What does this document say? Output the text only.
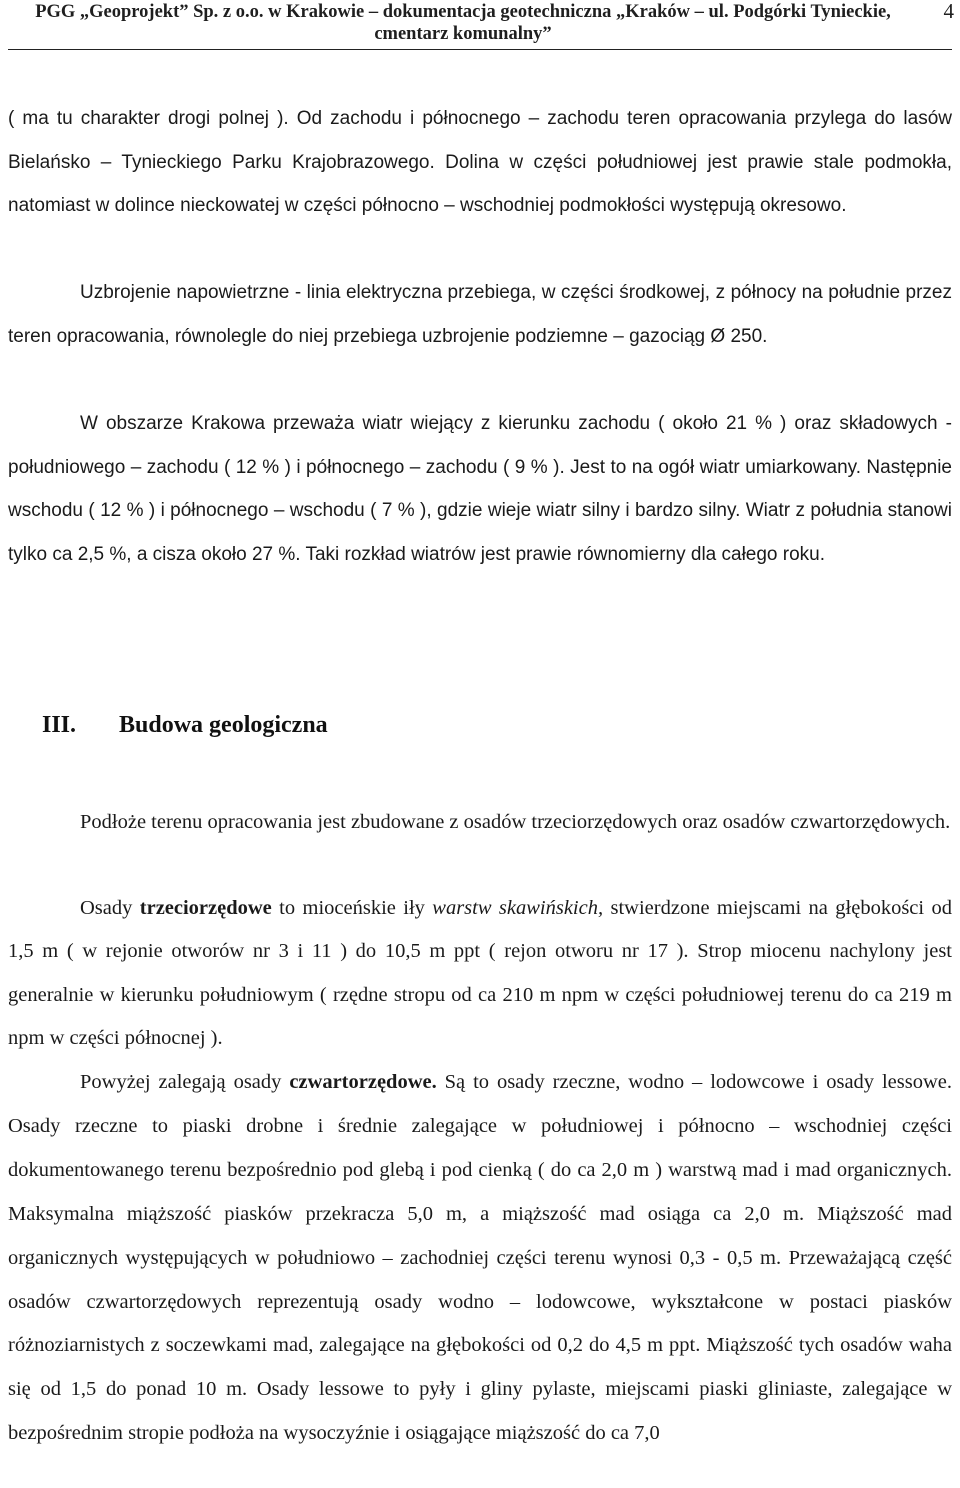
PGG „Geoprojekt” Sp. z o.o. w Krakowie – dokumentacja geotechniczna „Kraków – ul. Podgórki Tynieckie,
cmentarz komunalny”
4
( ma tu charakter drogi polnej ). Od zachodu i północnego – zachodu teren opracowania przylega do lasów Bielańsko – Tynieckiego Parku Krajobrazowego. Dolina w części południowej jest prawie stale podmokła, natomiast w dolince nieckowatej w części północno – wschodniej podmokłości występują okresowo.
Uzbrojenie napowietrzne - linia elektryczna przebiega, w części środkowej, z północy na południe przez teren opracowania, równolegle do niej przebiega uzbrojenie podziemne – gazociąg Ø 250.
W obszarze Krakowa przeważa wiatr wiejący z kierunku zachodu ( około 21 % ) oraz składowych - południowego – zachodu ( 12 % ) i północnego – zachodu ( 9 % ). Jest to na ogół wiatr umiarkowany. Następnie wschodu ( 12 % ) i północnego – wschodu ( 7 % ), gdzie wieje wiatr silny i bardzo silny. Wiatr z południa stanowi tylko ca 2,5 %, a cisza około 27 %. Taki rozkład wiatrów jest prawie równomierny dla całego roku.
III. Budowa geologiczna
Podłoże terenu opracowania jest zbudowane z osadów trzeciorzędowych oraz osadów czwartorzędowych.
Osady trzeciorzędowe to mioceńskie iły warstw skawińskich, stwierdzone miejscami na głębokości od 1,5 m ( w rejonie otworów nr 3 i 11 ) do 10,5 m ppt ( rejon otworu nr 17 ). Strop miocenu nachylony jest generalnie w kierunku południowym ( rzędne stropu od ca 210 m npm w części południowej terenu do ca 219 m npm w części północnej ).
Powyżej zalegają osady czwartorzędowe. Są to osady rzeczne, wodno – lodowcowe i osady lessowe. Osady rzeczne to piaski drobne i średnie zalegające w południowej i północno – wschodniej części dokumentowanego terenu bezpośrednio pod glebą i pod cienką ( do ca 2,0 m ) warstwą mad i mad organicznych. Maksymalna miąższość piasków przekracza 5,0 m, a miąższość mad osiąga ca 2,0 m. Miąższość mad organicznych występujących w południowo – zachodniej części terenu wynosi 0,3 - 0,5 m. Przeważającą część osadów czwartorzędowych reprezentują osady wodno – lodowcowe, wykształcone w postaci piasków różnoziarnistych z soczewkami mad, zalegające na głębokości od 0,2 do 4,5 m ppt. Miąższość tych osadów waha się od 1,5 do ponad 10 m. Osady lessowe to pyły i gliny pylaste, miejscami piaski gliniaste, zalegające w bezpośrednim stropie podłoża na wysoczyźnie i osiągające miąższość do ca 7,0
